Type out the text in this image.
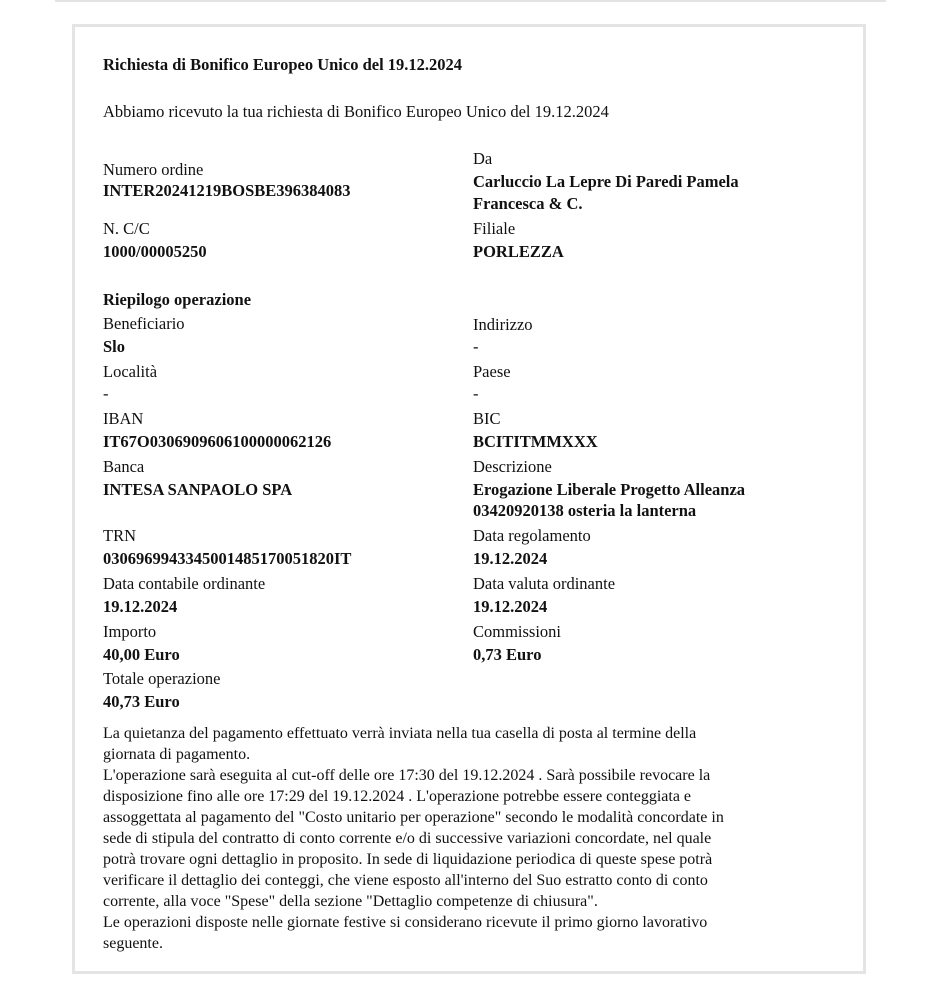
Richiesta di Bonifico Europeo Unico del 19.12.2024
Abbiamo ricevuto la tua richiesta di Bonifico Europeo Unico del 19.12.2024
Numero ordine
INTER20241219BOSBE396384083
Da
Carluccio La Lepre Di Paredi Pamela
Francesca & C.
N. C/C
1000/00005250
Filiale
PORLEZZA
Riepilogo operazione
Beneficiario
Slo
Indirizzo
-
Località
-
Paese
-
IBAN
IT67O0306909606100000062126
BIC
BCITITMMXXX
Banca
INTESA SANPAOLO SPA
Descrizione
Erogazione Liberale Progetto Alleanza
03420920138 osteria la lanterna
TRN
0306969943345001485170051820IT
Data regolamento
19.12.2024
Data contabile ordinante
19.12.2024
Data valuta ordinante
19.12.2024
Importo
40,00 Euro
Commissioni
0,73 Euro
Totale operazione
40,73 Euro
La quietanza del pagamento effettuato verrà inviata nella tua casella di posta al termine della
giornata di pagamento.
L'operazione sarà eseguita al cut-off delle ore 17:30 del 19.12.2024 . Sarà possibile revocare la
disposizione fino alle ore 17:29 del 19.12.2024 . L'operazione potrebbe essere conteggiata e
assoggettata al pagamento del "Costo unitario per operazione" secondo le modalità concordate in
sede di stipula del contratto di conto corrente e/o di successive variazioni concordate, nel quale
potrà trovare ogni dettaglio in proposito. In sede di liquidazione periodica di queste spese potrà
verificare il dettaglio dei conteggi, che viene esposto all'interno del Suo estratto conto di conto
corrente, alla voce "Spese" della sezione "Dettaglio competenze di chiusura".
Le operazioni disposte nelle giornate festive si considerano ricevute il primo giorno lavorativo
seguente.
